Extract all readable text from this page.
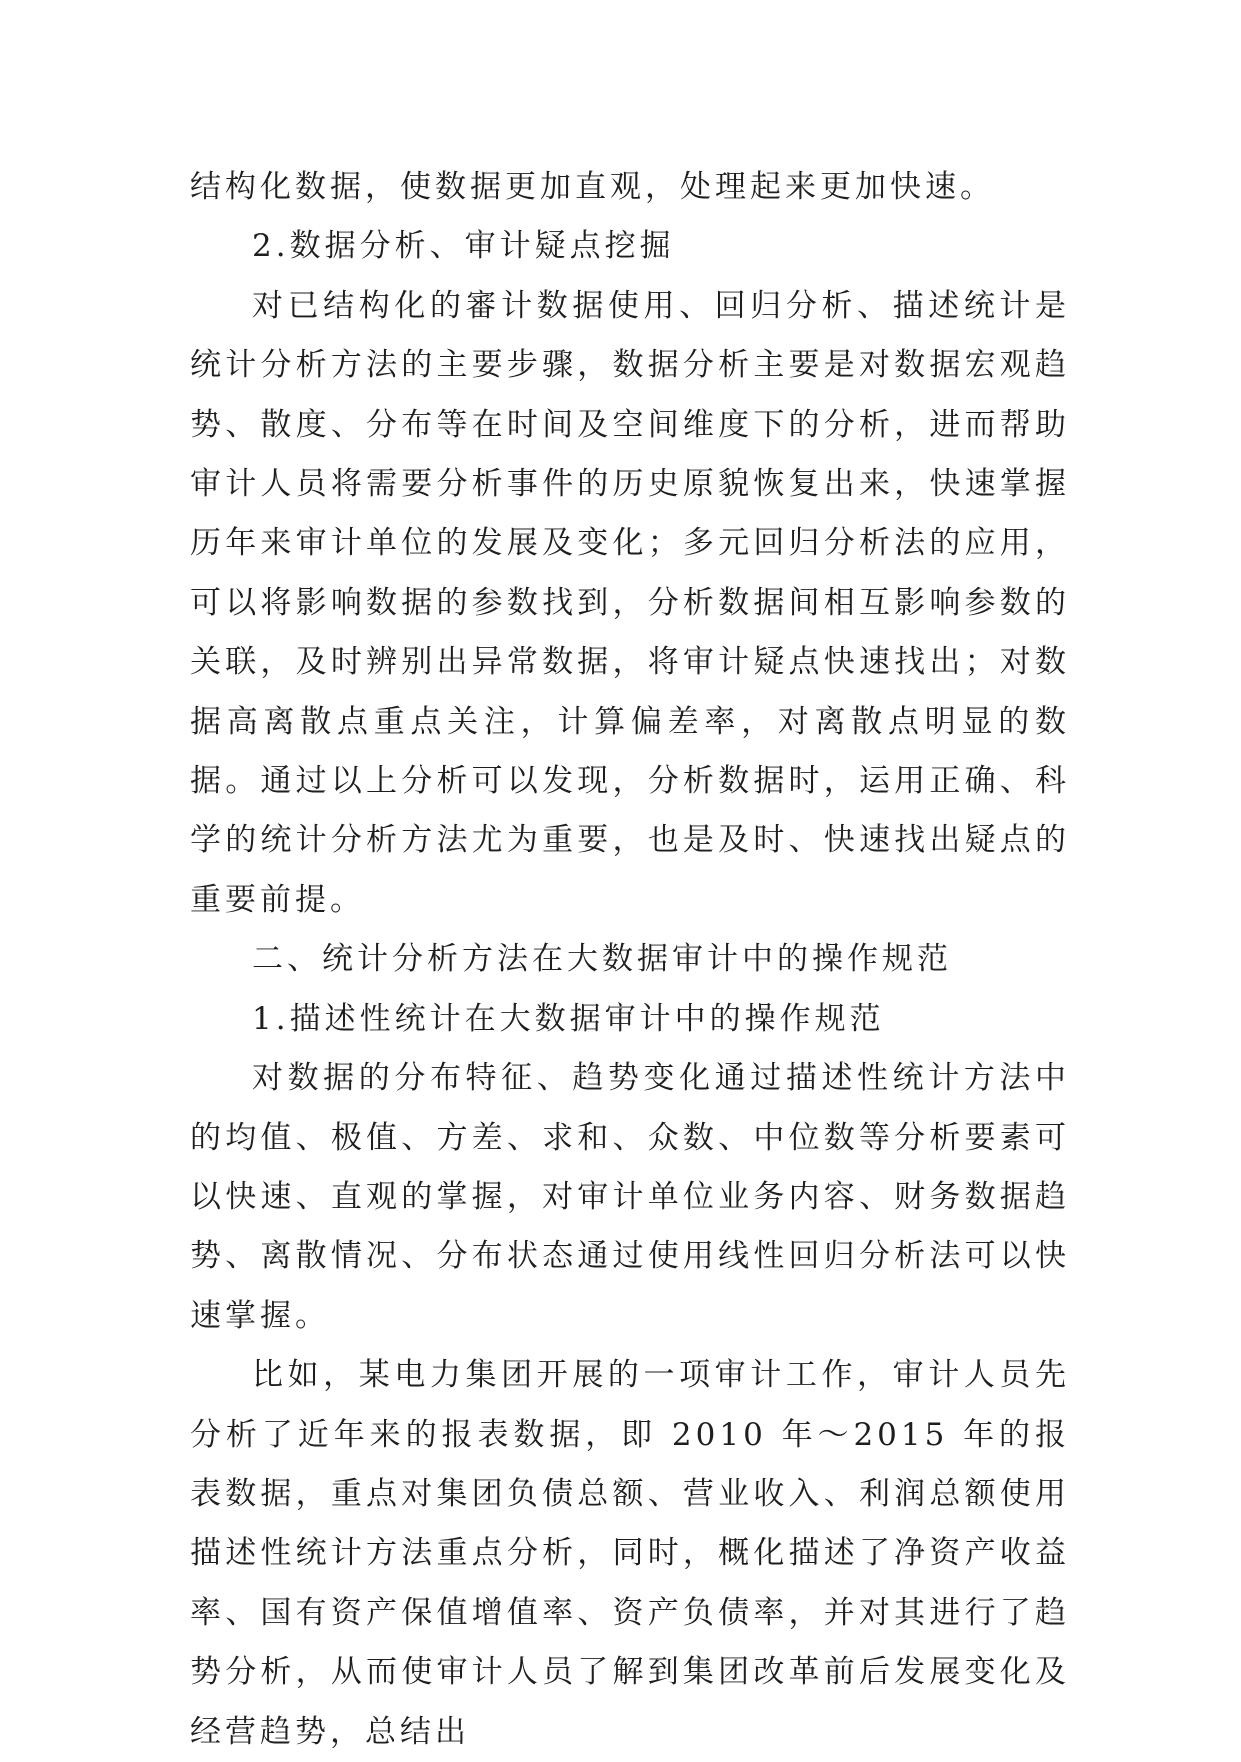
结构化数据，使数据更加直观，处理起来更加快速。

2.数据分析、审计疑点挖掘

对已结构化的審计数据使用、回归分析、描述统计是统计分析方法的主要步骤，数据分析主要是对数据宏观趋势、散度、分布等在时间及空间维度下的分析，进而帮助审计人员将需要分析事件的历史原貌恢复出来，快速掌握历年来审计单位的发展及变化；多元回归分析法的应用，可以将影响数据的参数找到，分析数据间相互影响参数的关联，及时辨别出异常数据，将审计疑点快速找出；对数据高离散点重点关注，计算偏差率，对离散点明显的数据。通过以上分析可以发现，分析数据时，运用正确、科学的统计分析方法尤为重要，也是及时、快速找出疑点的重要前提。

二、统计分析方法在大数据审计中的操作规范

1.描述性统计在大数据审计中的操作规范

对数据的分布特征、趋势变化通过描述性统计方法中的均值、极值、方差、求和、众数、中位数等分析要素可以快速、直观的掌握，对审计单位业务内容、财务数据趋势、离散情况、分布状态通过使用线性回归分析法可以快速掌握。

比如，某电力集团开展的一项审计工作，审计人员先分析了近年来的报表数据，即 2010 年～2015 年的报表数据，重点对集团负债总额、营业收入、利润总额使用描述性统计方法重点分析，同时，概化描述了净资产收益率、国有资产保值增值率、资产负债率，并对其进行了趋势分析，从而使审计人员了解到集团改革前后发展变化及经营趋势，总结出
